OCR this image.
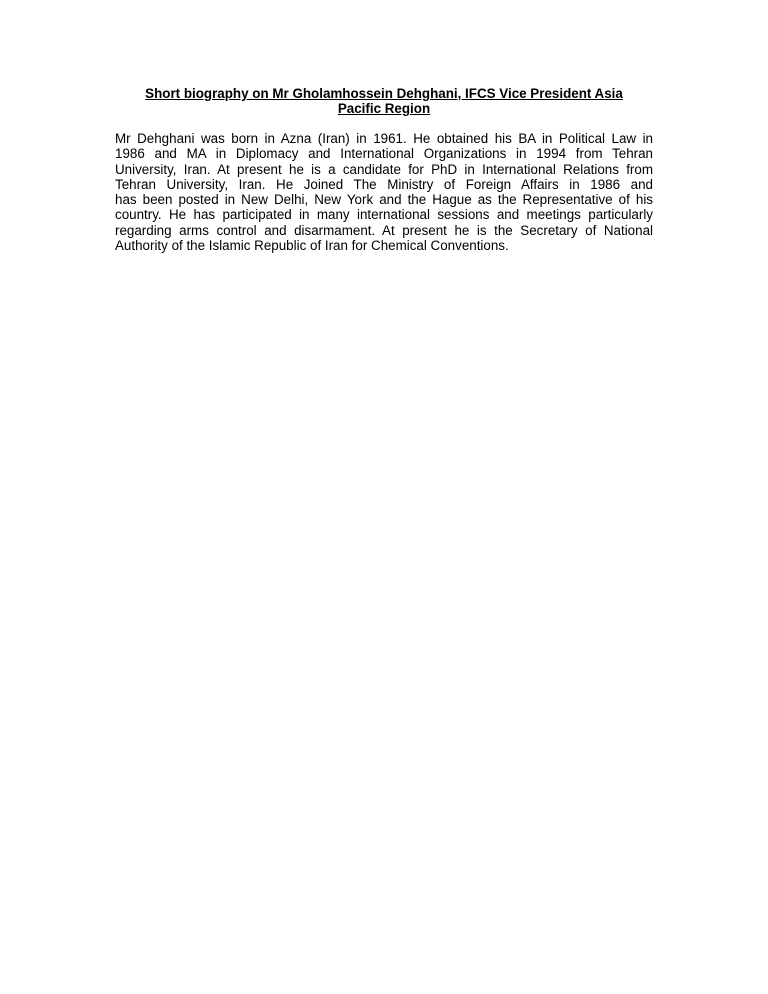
Short biography on Mr Gholamhossein Dehghani, IFCS Vice President Asia
Pacific Region

Mr Dehghani was born in Azna (Iran) in 1961. He obtained his BA in Political Law in
1986 and MA in Diplomacy and International Organizations in 1994 from Tehran
University, Iran. At present he is a candidate for PhD in International Relations from
Tehran University, Iran. He Joined The Ministry of Foreign Affairs in 1986 and
has been posted in New Delhi, New York and the Hague as the Representative of his
country. He has participated in many international sessions and meetings particularly
regarding arms control and disarmament. At present he is the Secretary of National
Authority of the Islamic Republic of Iran for Chemical Conventions.
